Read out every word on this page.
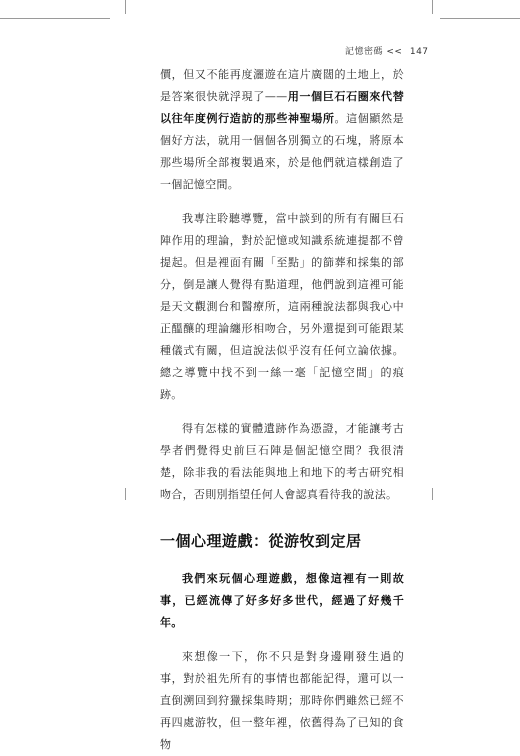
記憶密碼 << 147

價，但又不能再度灑遊在這片廣闊的土地上，於是答案很快就浮現了——用一個巨石石圈來代替以往年度例行造訪的那些神聖場所。這個顯然是個好方法，就用一個個各別獨立的石塊，將原本那些場所全部複製過來，於是他們就這樣創造了一個記憶空間。

我專注聆聽導覽，當中談到的所有有關巨石陣作用的理論，對於記憶或知識系統連提都不曾提起。但是裡面有關「至點」的篩葬和採集的部分，倒是讓人覺得有點道理，他們說到這裡可能是天文觀測台和醫療所，這兩種說法都與我心中正醞釀的理論纏形相吻合，另外還提到可能跟某種儀式有關，但這說法似乎沒有任何立論依據。總之導覽中找不到一絲一毫「記憶空間」的痕跡。

得有怎樣的實體遺跡作為憑證，才能讓考古學者們覺得史前巨石陣是個記憶空間？我很清楚，除非我的看法能與地上和地下的考古研究相吻合，否則別指望任何人會認真看待我的說法。

一個心理遊戲：從游牧到定居

我們來玩個心理遊戲，想像這裡有一則故事，已經流傳了好多好多世代，經過了好幾千年。

來想像一下，你不只是對身邊剛發生過的事，對於祖先所有的事情也都能記得，還可以一直倒溯回到狩獵採集時期；那時你們雖然已經不再四處游牧，但一整年裡，依舊得為了已知的食物
